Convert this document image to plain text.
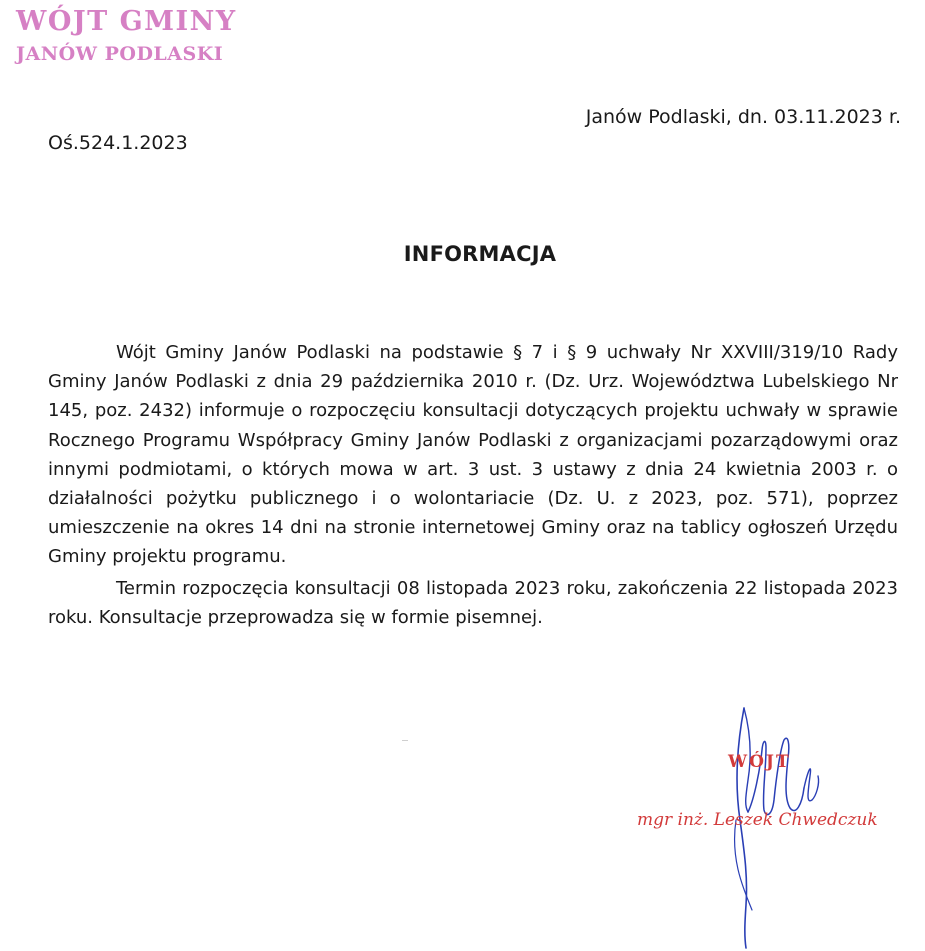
WÓJT GMINY
JANÓW PODLASKI
Janów Podlaski, dn. 03.11.2023 r.
Oś.524.1.2023
INFORMACJA

Wójt Gminy Janów Podlaski na podstawie § 7 i § 9 uchwały Nr XXVIII/319/10 Rady Gminy Janów Podlaski z dnia 29 października 2010 r. (Dz. Urz. Województwa Lubelskiego Nr 145, poz. 2432) informuje o rozpoczęciu konsultacji dotyczących projektu uchwały w sprawie Rocznego Programu Współpracy Gminy Janów Podlaski z organizacjami pozarządowymi oraz innymi podmiotami, o których mowa w art. 3 ust. 3 ustawy z dnia 24 kwietnia 2003 r. o działalności pożytku publicznego i o wolontariacie (Dz. U. z 2023, poz. 571), poprzez umieszczenie na okres 14 dni na stronie internetowej Gminy oraz na tablicy ogłoszeń Urzędu Gminy projektu programu.

Termin rozpoczęcia konsultacji 08 listopada 2023 roku, zakończenia 22 listopada 2023 roku. Konsultacje przeprowadza się w formie pisemnej.

WÓJT
mgr inż. Leszek Chwedczuk
